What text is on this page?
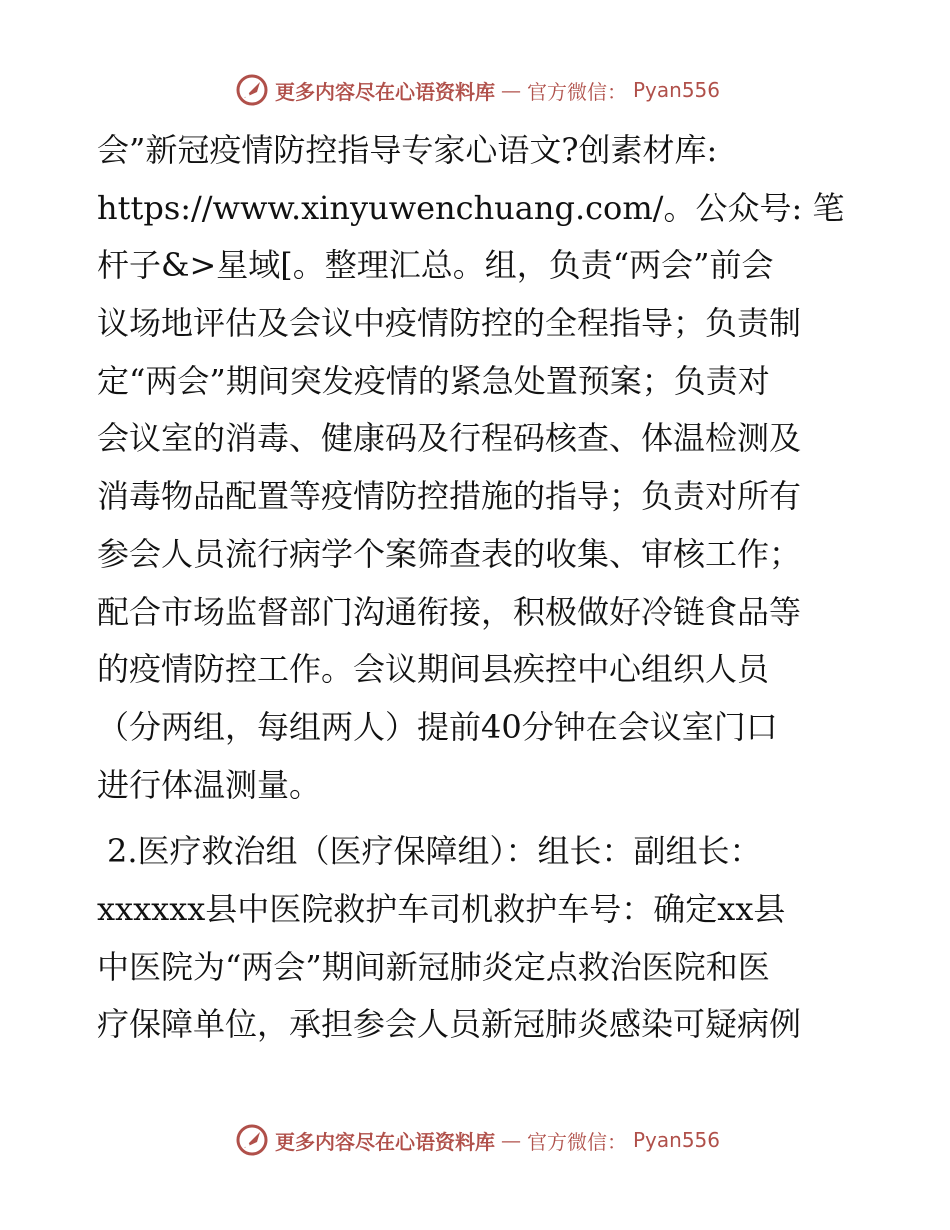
更多内容尽在心语资料库 — 官方微信： Pyan556
会”新冠疫情防控指导专家心语文?创素材库:
https://www.xinyuwenchuang.com/。公众号: 笔
杆子&>星域[。整理汇总。组，负责“两会”前会
议场地评估及会议中疫情防控的全程指导；负责制
定“两会”期间突发疫情的紧急处置预案；负责对
会议室的消毒、健康码及行程码核查、体温检测及
消毒物品配置等疫情防控措施的指导；负责对所有
参会人员流行病学个案筛查表的收集、审核工作；
配合市场监督部门沟通衔接，积极做好冷链食品等
的疫情防控工作。会议期间县疾控中心组织人员
（分两组，每组两人）提前40分钟在会议室门口
进行体温测量。
2.医疗救治组（医疗保障组）：组长：副组长：
xxxxxx县中医院救护车司机救护车号：确定xx县
中医院为“两会”期间新冠肺炎定点救治医院和医
疗保障单位，承担参会人员新冠肺炎感染可疑病例
更多内容尽在心语资料库 — 官方微信： Pyan556
